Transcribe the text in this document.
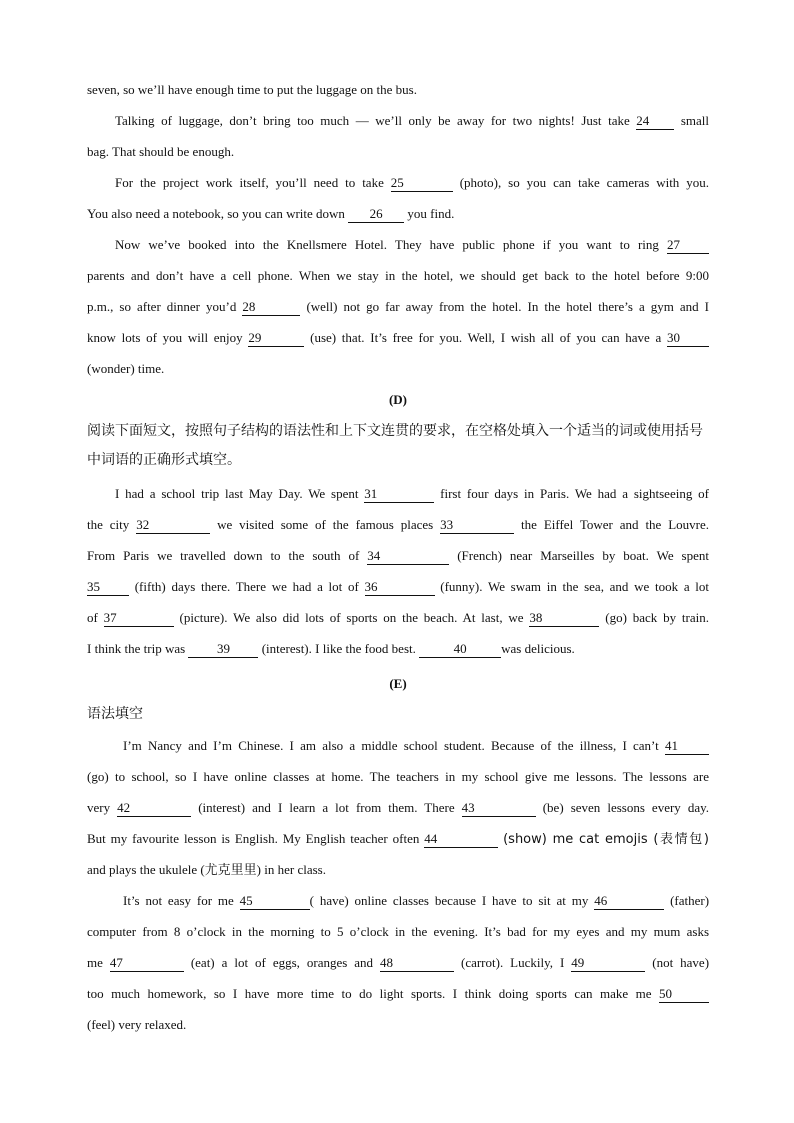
seven, so we’ll have enough time to put the luggage on the bus.
Talking of luggage, don’t bring too much — we’ll only be away for two nights! Just take 24 small
bag. That should be enough.
For the project work itself, you’ll need to take 25	(photo), so you can take cameras with you.
You also need a notebook, so you can write down 26 you find.
Now we’ve booked into the Knellsmere Hotel. They have public phone if you want to ring 27
parents and don’t have a cell phone. When we stay in the hotel, we should get back to the hotel before 9:00
p.m., so after dinner you’d 28	(well) not go far away from the hotel. In the hotel there’s a gym and I
know lots of you will enjoy 29	(use) that. It’s free for you. Well, I wish all of you can have a 30
(wonder) time.
(D)
阅读下面短文，按照句子结构的语法性和上下文连贯的要求，在空格处填入一个适当的词或使用括号
中词语的正确形式填空。
I had a school trip last May Day. We spent 31	first four days in Paris. We had a sightseeing of
the city 32	we visited some of the famous places 33	the Eiffel Tower and the Louvre.
From Paris we travelled down to the south of 34	(French) near Marseilles by boat. We spent
35	(fifth) days there. There we had a lot of 36	(funny). We swam in the sea, and we took a lot
of 37	(picture). We also did lots of sports on the beach. At last, we 38	(go) back by train.
I think the trip was 39 (interest). I like the food best.	40	was delicious.
(E)
语法填空
I’m Nancy and I’m Chinese. I am also a middle school student. Because of the illness, I can’t 41
(go) to school, so I have online classes at home. The teachers in my school give me lessons. The lessons are
very 42	(interest) and I learn a lot from them. There 43	(be) seven lessons every day.
But my favourite lesson is English. My English teacher often 44	(show) me cat emojis (表情包)
and plays the ukulele (尤克里里) in her class.
It’s not easy for me 45	( have) online classes because I have to sit at my 46	(father)
computer from 8 o’clock in the morning to 5 o’clock in the evening. It’s bad for my eyes and my mum asks
me 47	(eat) a lot of eggs, oranges and 48	(carrot). Luckily, I 49	(not have)
too much homework, so I have more time to do light sports. I think doing sports can make me 50
(feel) very relaxed.
